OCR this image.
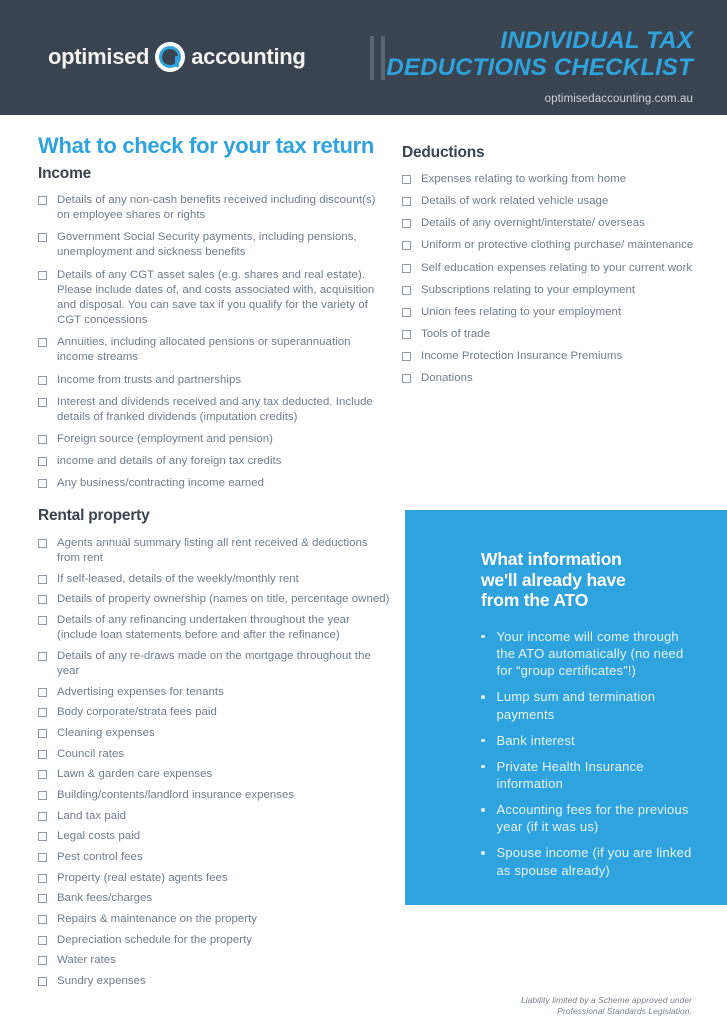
optimised accounting
INDIVIDUAL TAX
DEDUCTIONS CHECKLIST
optimisedaccounting.com.au
What to check for your tax return
Income
Details of any non-cash benefits received including discount(s) on employee shares or rights
Government Social Security payments, including pensions, unemployment and sickness benefits
Details of any CGT asset sales (e.g. shares and real estate). Please include dates of, and costs associated with, acquisition and disposal. You can save tax if you qualify for the variety of CGT concessions
Annuities, including allocated pensions or superannuation income streams
Income from trusts and partnerships
Interest and dividends received and any tax deducted. Include details of franked dividends (imputation credits)
Foreign source (employment and pension)
income and details of any foreign tax credits
Any business/contracting income earned
Deductions
Expenses relating to working from home
Details of work related vehicle usage
Details of any overnight/interstate/ overseas
Uniform or protective clothing purchase/ maintenance
Self education expenses relating to your current work
Subscriptions relating to your employment
Union fees relating to your employment
Tools of trade
Income Protection Insurance Premiums
Donations
Rental property
Agents annual summary listing all rent received & deductions from rent
If self-leased, details of the weekly/monthly rent
Details of property ownership (names on title, percentage owned)
Details of any refinancing undertaken throughout the year (include loan statements before and after the refinance)
Details of any re-draws made on the mortgage throughout the year
Advertising expenses for tenants
Body corporate/strata fees paid
Cleaning expenses
Council rates
Lawn & garden care expenses
Building/contents/landlord insurance expenses
Land tax paid
Legal costs paid
Pest control fees
Property (real estate) agents fees
Bank fees/charges
Repairs & maintenance on the property
Depreciation schedule for the property
Water rates
Sundry expenses
What information
we'll already have
from the ATO
Your income will come through the ATO automatically (no need for “group certificates”!)
Lump sum and termination payments
Bank interest
Private Health Insurance information
Accounting fees for the previous year (if it was us)
Spouse income (if you are linked as spouse already)
Liability limited by a Scheme approved under
Professional Standards Legislation.
